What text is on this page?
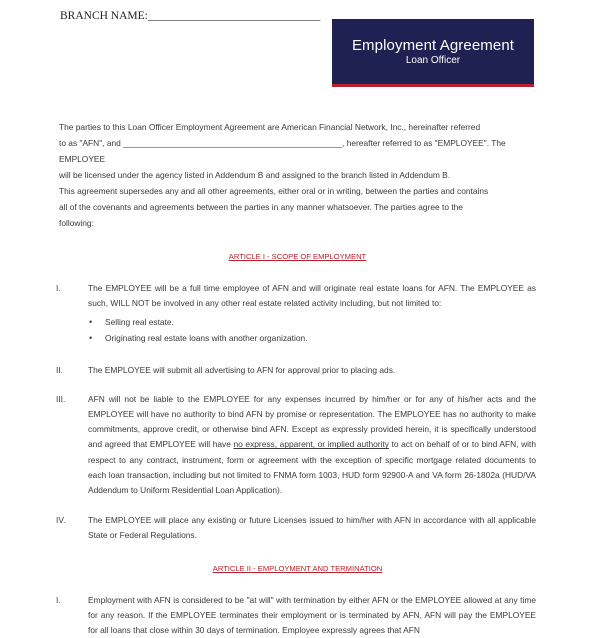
BRANCH NAME:______________________________
Employment Agreement
Loan Officer

The parties to this Loan Officer Employment Agreement are American Financial Network, Inc., hereinafter referred

to as "AFN", and _______________________________________________, hereafter referred to as "EMPLOYEE". The EMPLOYEE

will be licensed under the agency listed in Addendum B and assigned to the branch listed in Addendum B.

This agreement supersedes any and all other agreements, either oral or in writing, between the parties and contains

all of the covenants and agreements between the parties in any manner whatsoever. The parties agree to the

following:

ARTICLE I - SCOPE OF EMPLOYMENT

I.	The EMPLOYEE will be a full time employee of AFN and will originate real estate loans for AFN. The EMPLOYEE as such, WILL NOT be involved in any other real estate related activity including, but not limited to:
• Selling real estate.
• Originating real estate loans with another organization.
II.	The EMPLOYEE will submit all advertising to AFN for approval prior to placing ads.
III.	AFN will not be liable to the EMPLOYEE for any expenses incurred by him/her or for any of his/her acts and the EMPLOYEE will have no authority to bind AFN by promise or representation. The EMPLOYEE has no authority to make commitments, approve credit, or otherwise bind AFN. Except as expressly provided herein, it is specifically understood and agreed that EMPLOYEE will have no express, apparent, or implied authority to act on behalf of or to bind AFN, with respect to any contract, instrument, form or agreement with the exception of specific mortgage related documents to each loan transaction, including but not limited to FNMA form 1003, HUD form 92900-A and VA form 26-1802a (HUD/VA Addendum to Uniform Residential Loan Application).
IV.	The EMPLOYEE will place any existing or future Licenses issued to him/her with AFN in accordance with all applicable State or Federal Regulations.

ARTICLE II - EMPLOYMENT AND TERMINATION

I.	Employment with AFN is considered to be "at will" with termination by either AFN or the EMPLOYEE allowed at any time for any reason. If the EMPLOYEE terminates their employment or is terminated by AFN, AFN will pay the EMPLOYEE for all loans that close within 30 days of termination. Employee expressly agrees that AFN
